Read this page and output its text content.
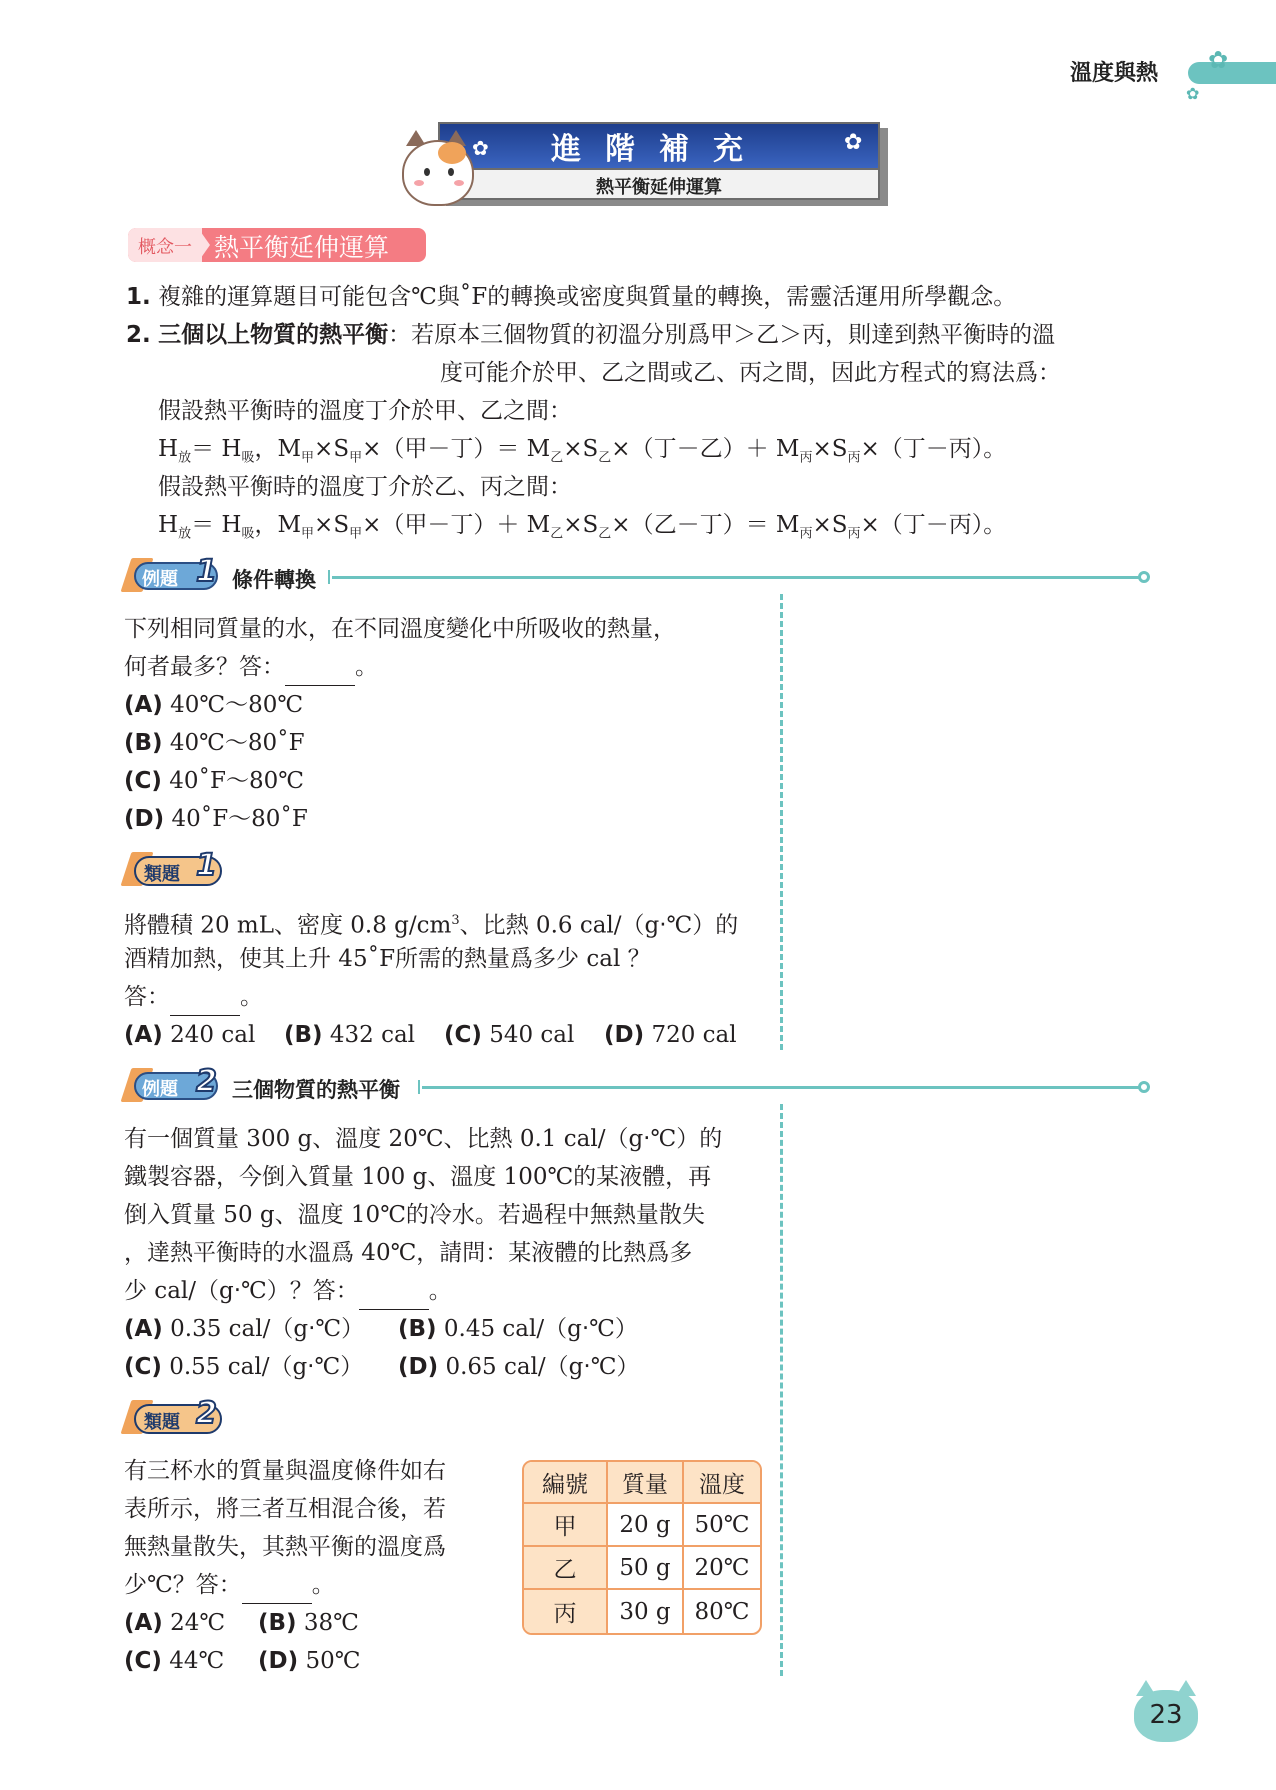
溫度與熱 ✿
✿
進階補充
✿	✿
熱平衡延伸運算
概念一 熱平衡延伸運算
1. 複雜的運算題目可能包含℃與˚F的轉換或密度與質量的轉換，需靈活運用所學觀念。
2. 三個以上物質的熱平衡：若原本三個物質的初溫分別爲甲＞乙＞丙，則達到熱平衡時的溫
度可能介於甲、乙之間或乙、丙之間，因此方程式的寫法爲：
假設熱平衡時的溫度丁介於甲、乙之間：
$H_放= H_吸$，$M_甲\times S_甲\times$（甲－丁）＝ $M_乙\times S_乙\times$（丁－乙）＋ $M_丙\times S_丙\times$（丁－丙）。
假設熱平衡時的溫度丁介於乙、丙之間：
$H_放= H_吸$，$M_甲\times S_甲\times$（甲－丁）＋ $M_乙\times S_乙\times$（乙－丁）＝ $M_丙\times S_丙\times$（丁－丙）。
例題 1 條件轉換
下列相同質量的水，在不同溫度變化中所吸收的熱量，
何者最多？答：	。
(A) 40℃～80℃
(B) 40℃～80˚F
(C) 40˚F～80℃
(D) 40˚F～80˚F
類題 1
將體積 20 mL、密度 0.8 $g/cm^3$、比熱 0.6 cal/（g‧℃）的
酒精加熱，使其上升 45˚F所需的熱量爲多少 cal ？
答：	。
(A) 240 cal (B) 432 cal (C) 540 cal (D) 720 cal
例題 2 三個物質的熱平衡
有一個質量 300 g、溫度 20℃、比熱 0.1 cal/（g‧℃）的
鐵製容器，今倒入質量 100 g、溫度 100℃的某液體，再
倒入質量 50 g、溫度 10℃的冷水。若過程中無熱量散失
，達熱平衡時的水溫爲 40℃，請問：某液體的比熱爲多
少 cal/（g‧℃）？答：	。
(A) 0.35 cal/（g‧℃） (B) 0.45 cal/（g‧℃）
(C) 0.55 cal/（g‧℃） (D) 0.65 cal/（g‧℃）
類題 2
有三杯水的質量與溫度條件如右
表所示，將三者互相混合後，若
無熱量散失，其熱平衡的溫度爲
少℃？答：	。
(A) 24℃ (B) 38℃
(C) 44℃ (D) 50℃
編號	質量	溫度
甲	20 g	50℃
乙	50 g	20℃
丙	30 g	80℃
23
